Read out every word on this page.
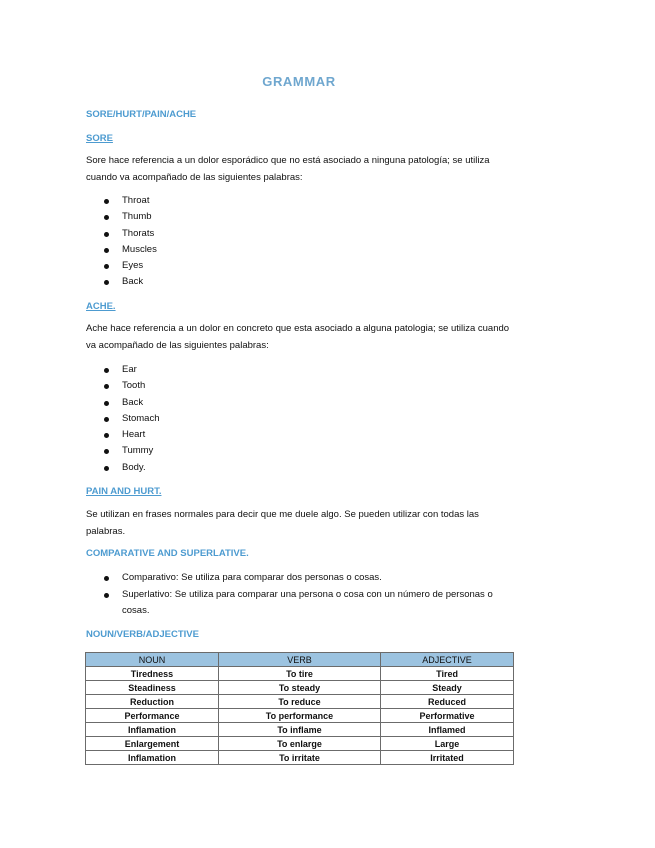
GRAMMAR
SORE/HURT/PAIN/ACHE
SORE
Sore hace referencia a un dolor esporádico que no está asociado a ninguna patología; se utiliza cuando va acompañado de las siguientes palabras:
Throat
Thumb
Thorats
Muscles
Eyes
Back
ACHE.
Ache hace referencia a un dolor en concreto que esta asociado a alguna patologia; se utiliza cuando va acompañado de las siguientes palabras:
Ear
Tooth
Back
Stomach
Heart
Tummy
Body.
PAIN AND HURT.
Se utilizan en frases normales para decir que me duele algo. Se pueden utilizar con todas las palabras.
COMPARATIVE AND SUPERLATIVE.
Comparativo: Se utiliza para comparar dos personas o cosas.
Superlativo: Se utiliza para comparar una persona o cosa con un número de personas o cosas.
NOUN/VERB/ADJECTIVE
NOUN	VERB	ADJECTIVE
Tiredness	To tire	Tired
Steadiness	To steady	Steady
Reduction	To reduce	Reduced
Performance	To performance	Performative
Inflamation	To inflame	Inflamed
Enlargement	To enlarge	Large
Inflamation	To irritate	Irritated
